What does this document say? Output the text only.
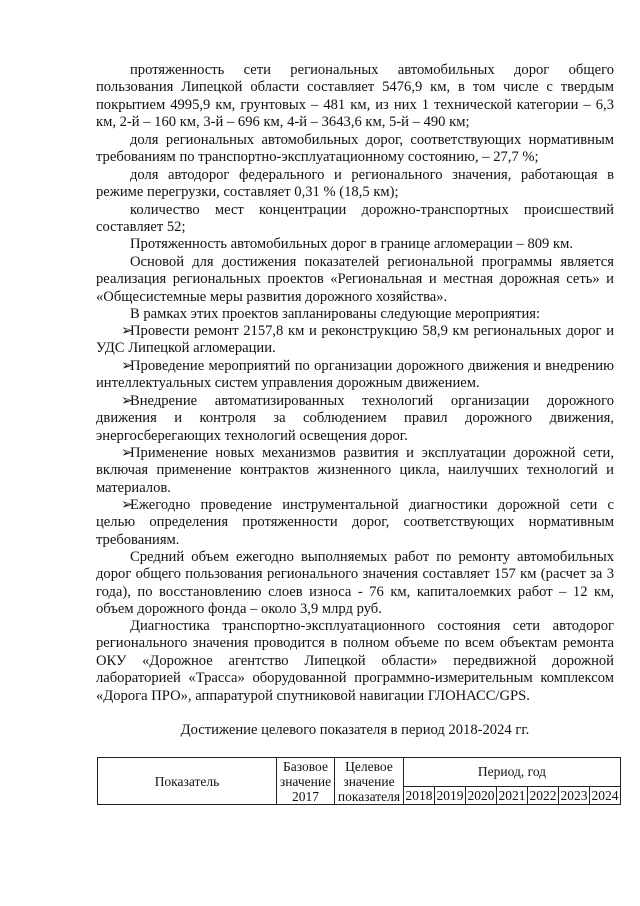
протяженность сети региональных автомобильных дорог общего пользования Липецкой области составляет 5476,9 км, в том числе с твердым покрытием 4995,9 км, грунтовых – 481 км, из них 1 технической категории – 6,3 км, 2-й – 160 км, 3-й – 696 км, 4-й – 3643,6 км, 5-й – 490 км;

доля региональных автомобильных дорог, соответствующих нормативным требованиям по транспортно-эксплуатационному состоянию, – 27,7 %;

доля автодорог федерального и регионального значения, работающая в режиме перегрузки, составляет 0,31 % (18,5 км);

количество мест концентрации дорожно-транспортных происшествий составляет 52;

Протяженность автомобильных дорог в границе агломерации – 809 км.

Основой для достижения показателей региональной программы является реализация региональных проектов «Региональная и местная дорожная сеть» и «Общесистемные меры развития дорожного хозяйства».

В рамках этих проектов запланированы следующие мероприятия:

➢
Провести ремонт 2157,8 км и реконструкцию 58,9 км региональных дорог и УДС Липецкой агломерации.
➢
Проведение мероприятий по организации дорожного движения и внедрению интеллектуальных систем управления дорожным движением.
➢
Внедрение автоматизированных технологий организации дорожного движения и контроля за соблюдением правил дорожного движения, энергосберегающих технологий освещения дорог.
➢
Применение новых механизмов развития и эксплуатации дорожной сети, включая применение контрактов жизненного цикла, наилучших технологий и материалов.
➢
Ежегодно проведение инструментальной диагностики дорожной сети с целью определения протяженности дорог, соответствующих нормативным требованиям.

Средний объем ежегодно выполняемых работ по ремонту автомобильных дорог общего пользования регионального значения составляет 157 км (расчет за 3 года), по восстановлению слоев износа - 76 км, капиталоемких работ – 12 км, объем дорожного фонда – около 3,9 млрд руб.

Диагностика транспортно-эксплуатационного состояния сети автодорог регионального значения проводится в полном объеме по всем объектам ремонта ОКУ «Дорожное агентство Липецкой области» передвижной дорожной лабораторией «Трасса» оборудованной программно-измерительным комплексом «Дорога ПРО», аппаратурой спутниковой навигации ГЛОНАСС/GPS.

Достижение целевого показателя в период 2018-2024 гг.

Показатель	Базовое значение 2017	Целевое значение показателя	Период, год						
			2018	2019	2020	2021	2022	2023	2024
